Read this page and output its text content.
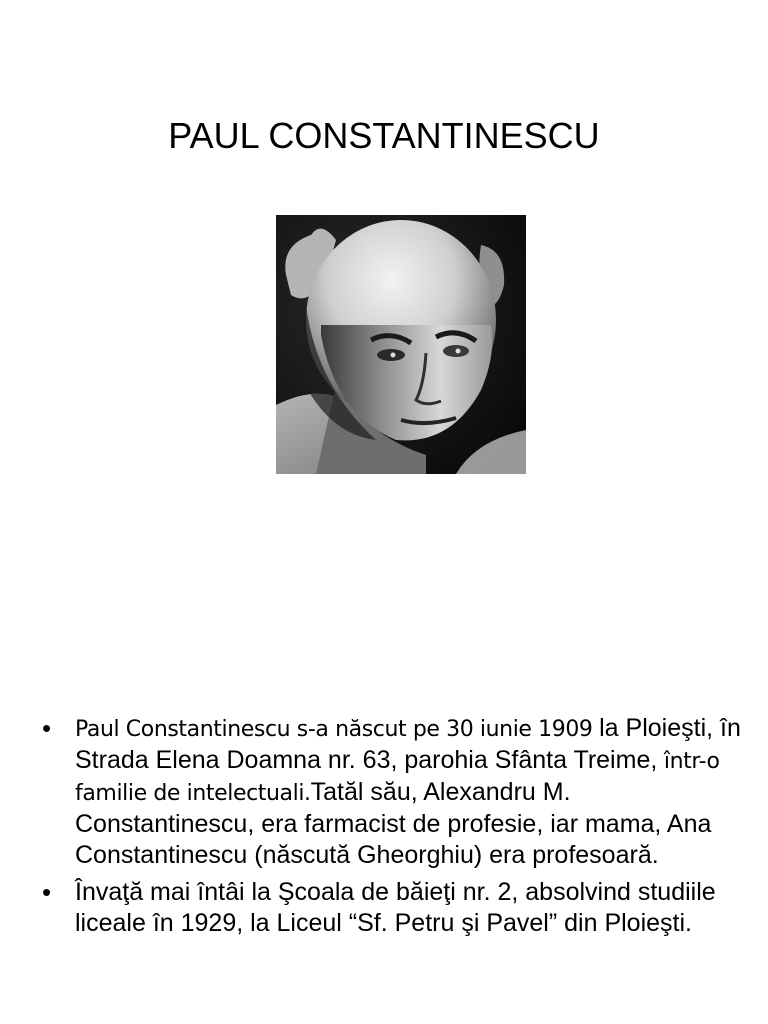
PAUL CONSTANTINESCU
• Paul Constantinescu s-a născut pe 30 iunie 1909 la Ploieşti, în Strada Elena Doamna nr. 63, parohia Sfânta Treime, într-o familie de intelectuali.Tatăl său, Alexandru M. Constantinescu, era farmacist de profesie, iar mama, Ana Constantinescu (născută Gheorghiu) era profesoară.
• Învaţă mai întâi la Şcoala de băieţi nr. 2, absolvind studiile liceale în 1929, la Liceul “Sf. Petru şi Pavel” din Ploieşti.
